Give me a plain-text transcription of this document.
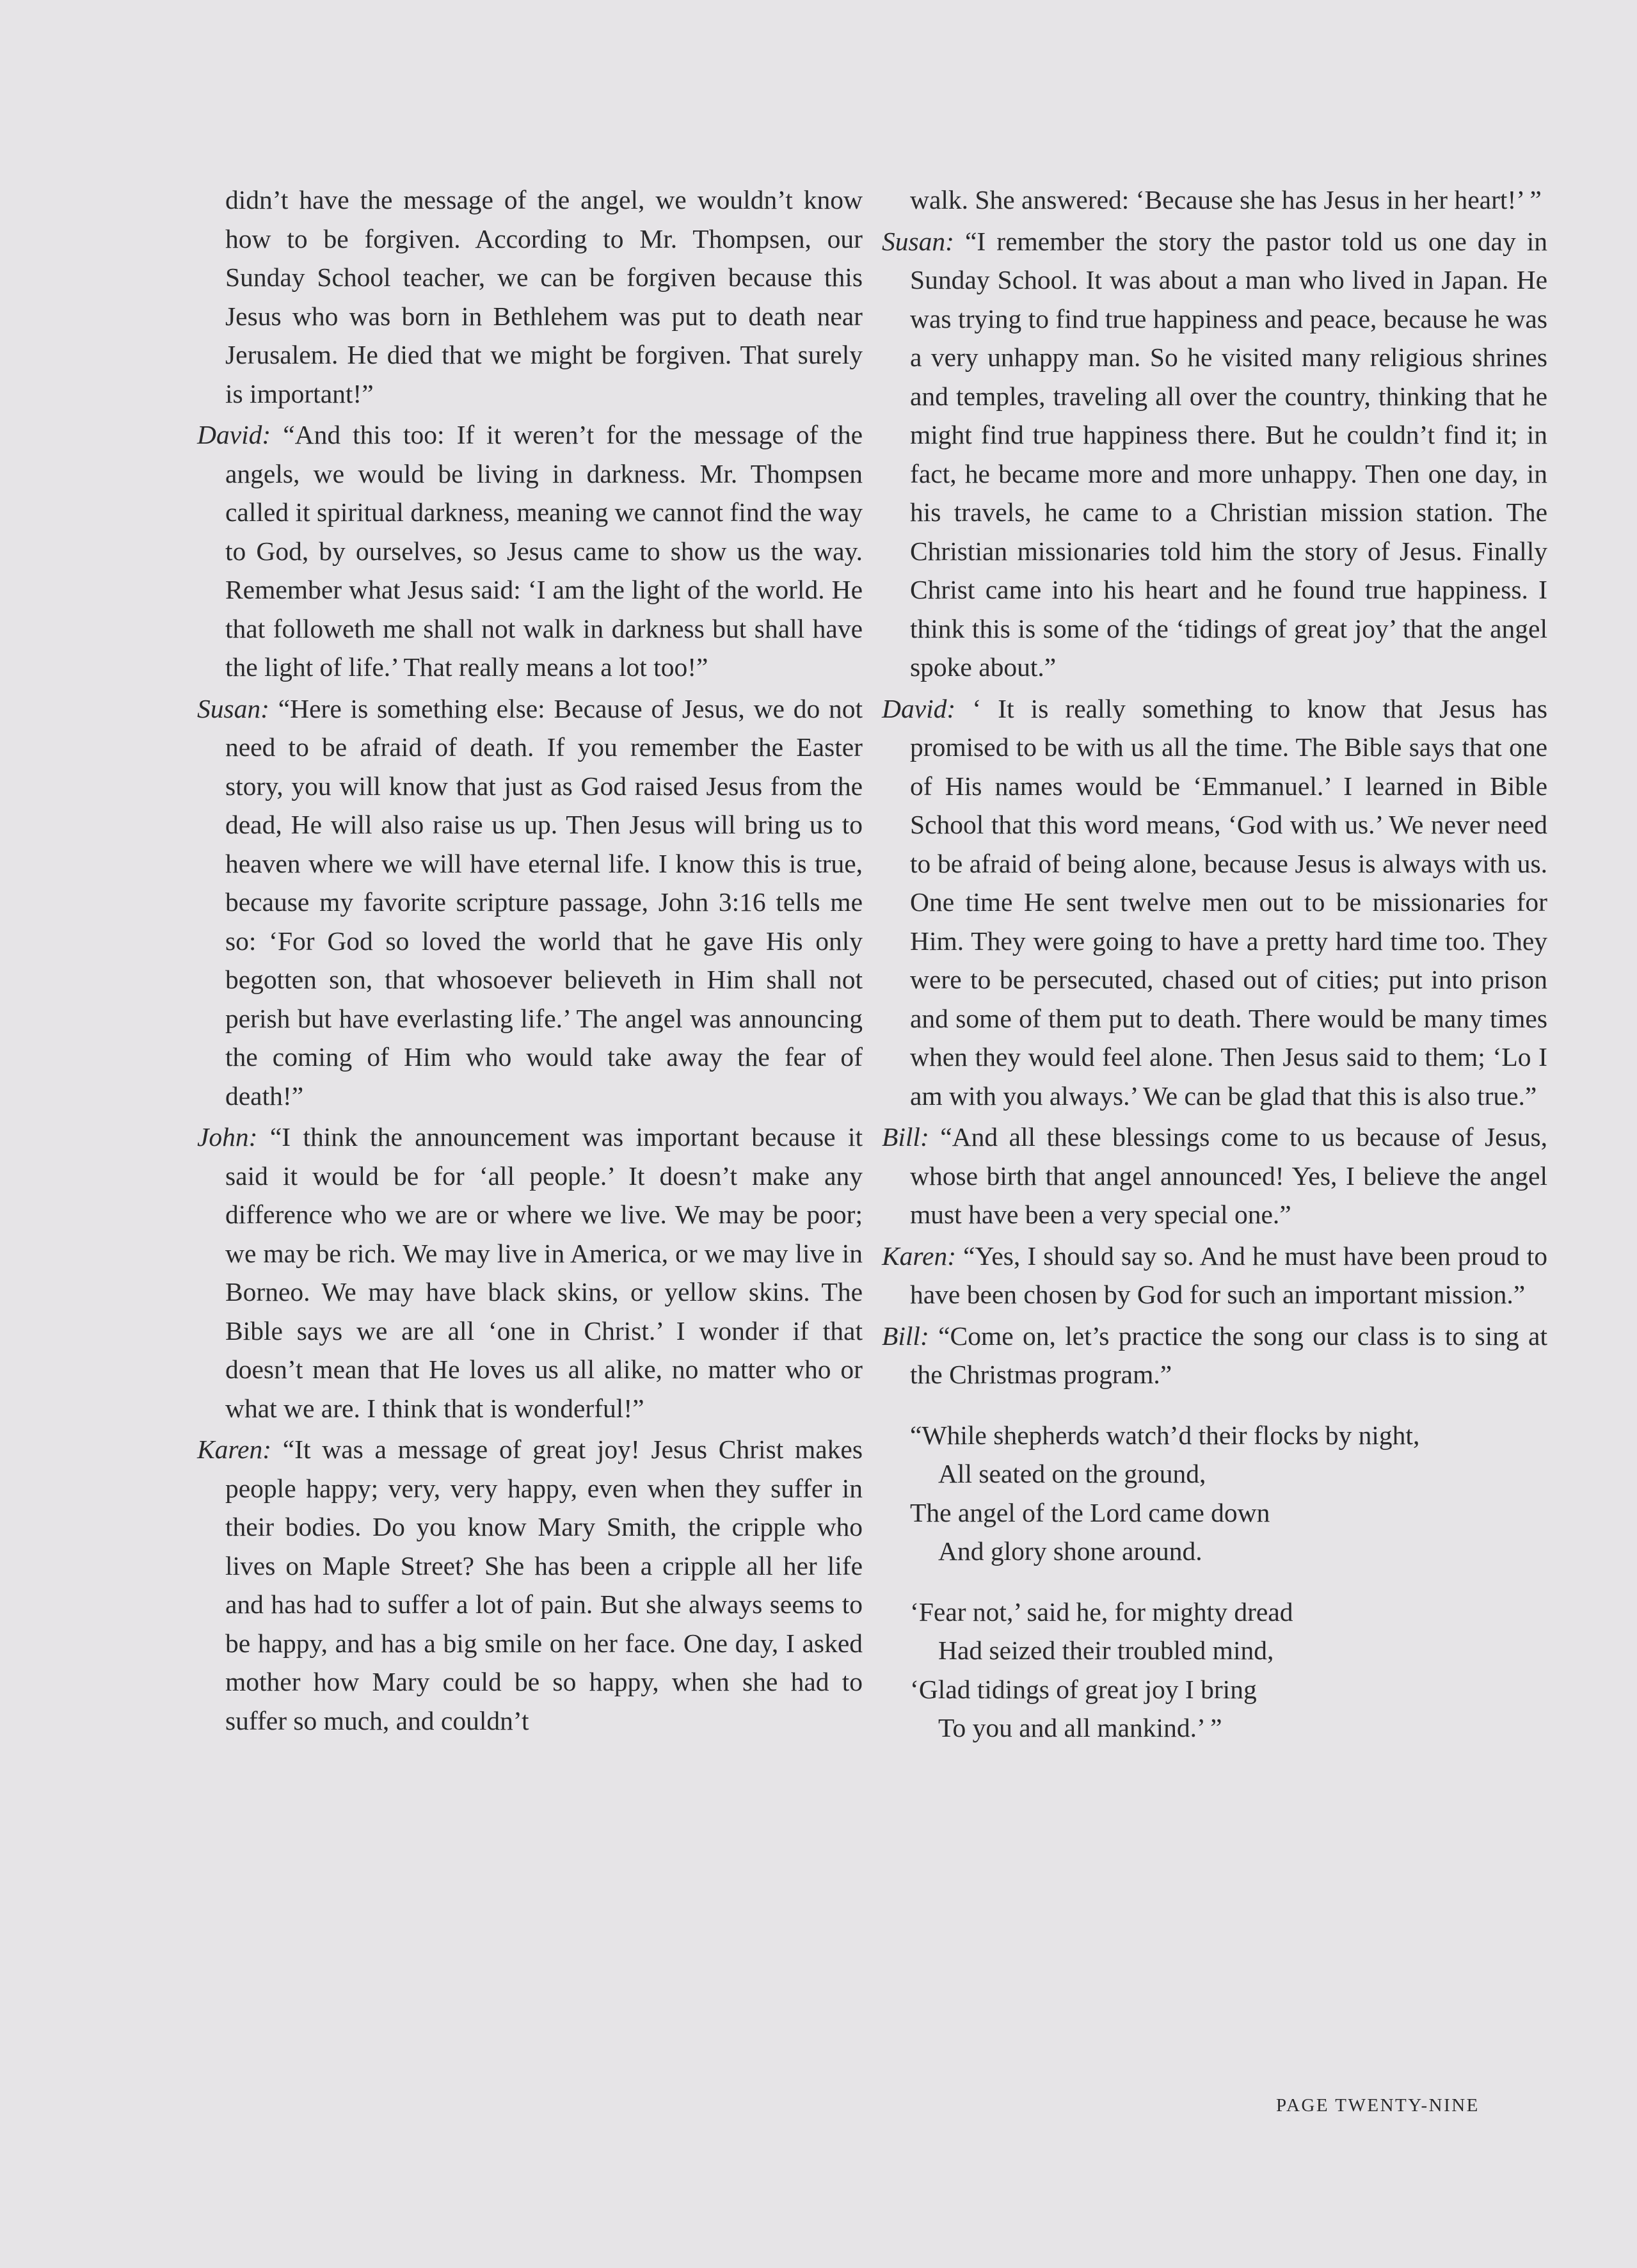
didn’t have the message of the angel, we wouldn’t know how to be forgiven. According to Mr. Thompsen, our Sunday School teacher, we can be forgiven because this Jesus who was born in Bethlehem was put to death near Jerusalem. He died that we might be forgiven. That surely is important!”

David: “And this too: If it weren’t for the message of the angels, we would be living in darkness. Mr. Thompsen called it spiritual darkness, meaning we cannot find the way to God, by ourselves, so Jesus came to show us the way. Remember what Jesus said: ‘I am the light of the world. He that followeth me shall not walk in darkness but shall have the light of life.’ That really means a lot too!”

Susan: “Here is something else: Because of Jesus, we do not need to be afraid of death. If you remember the Easter story, you will know that just as God raised Jesus from the dead, He will also raise us up. Then Jesus will bring us to heaven where we will have eternal life. I know this is true, because my favorite scripture passage, John 3:16 tells me so: ‘For God so loved the world that he gave His only begotten son, that whosoever believeth in Him shall not perish but have everlasting life.’ The angel was announcing the coming of Him who would take away the fear of death!”

John: “I think the announcement was important because it said it would be for ‘all people.’ It doesn’t make any difference who we are or where we live. We may be poor; we may be rich. We may live in America, or we may live in Borneo. We may have black skins, or yellow skins. The Bible says we are all ‘one in Christ.’ I wonder if that doesn’t mean that He loves us all alike, no matter who or what we are. I think that is wonderful!”

Karen: “It was a message of great joy! Jesus Christ makes people happy; very, very happy, even when they suffer in their bodies. Do you know Mary Smith, the cripple who lives on Maple Street? She has been a cripple all her life and has had to suffer a lot of pain. But she always seems to be happy, and has a big smile on her face. One day, I asked mother how Mary could be so happy, when she had to suffer so much, and couldn’t

walk. She answered: ‘Because she has Jesus in her heart!’ ”

Susan: “I remember the story the pastor told us one day in Sunday School. It was about a man who lived in Japan. He was trying to find true happiness and peace, because he was a very unhappy man. So he visited many religious shrines and temples, traveling all over the country, thinking that he might find true happiness there. But he couldn’t find it; in fact, he became more and more unhappy. Then one day, in his travels, he came to a Christian mission station. The Christian missionaries told him the story of Jesus. Finally Christ came into his heart and he found true happiness. I think this is some of the ‘tidings of great joy’ that the angel spoke about.”

David: ‘ It is really something to know that Jesus has promised to be with us all the time. The Bible says that one of His names would be ‘Emmanuel.’ I learned in Bible School that this word means, ‘God with us.’ We never need to be afraid of being alone, because Jesus is always with us. One time He sent twelve men out to be missionaries for Him. They were going to have a pretty hard time too. They were to be persecuted, chased out of cities; put into prison and some of them put to death. There would be many times when they would feel alone. Then Jesus said to them; ‘Lo I am with you always.’ We can be glad that this is also true.”

Bill: “And all these blessings come to us because of Jesus, whose birth that angel announced! Yes, I believe the angel must have been a very special one.”

Karen: “Yes, I should say so. And he must have been proud to have been chosen by God for such an important mission.”

Bill: “Come on, let’s practice the song our class is to sing at the Christmas program.”

“While shepherds watch’d their flocks by night,
All seated on the ground,
The angel of the Lord came down
And glory shone around.
‘Fear not,’ said he, for mighty dread
Had seized their troubled mind,
‘Glad tidings of great joy I bring
To you and all mankind.’ ”
PAGE TWENTY-NINE
